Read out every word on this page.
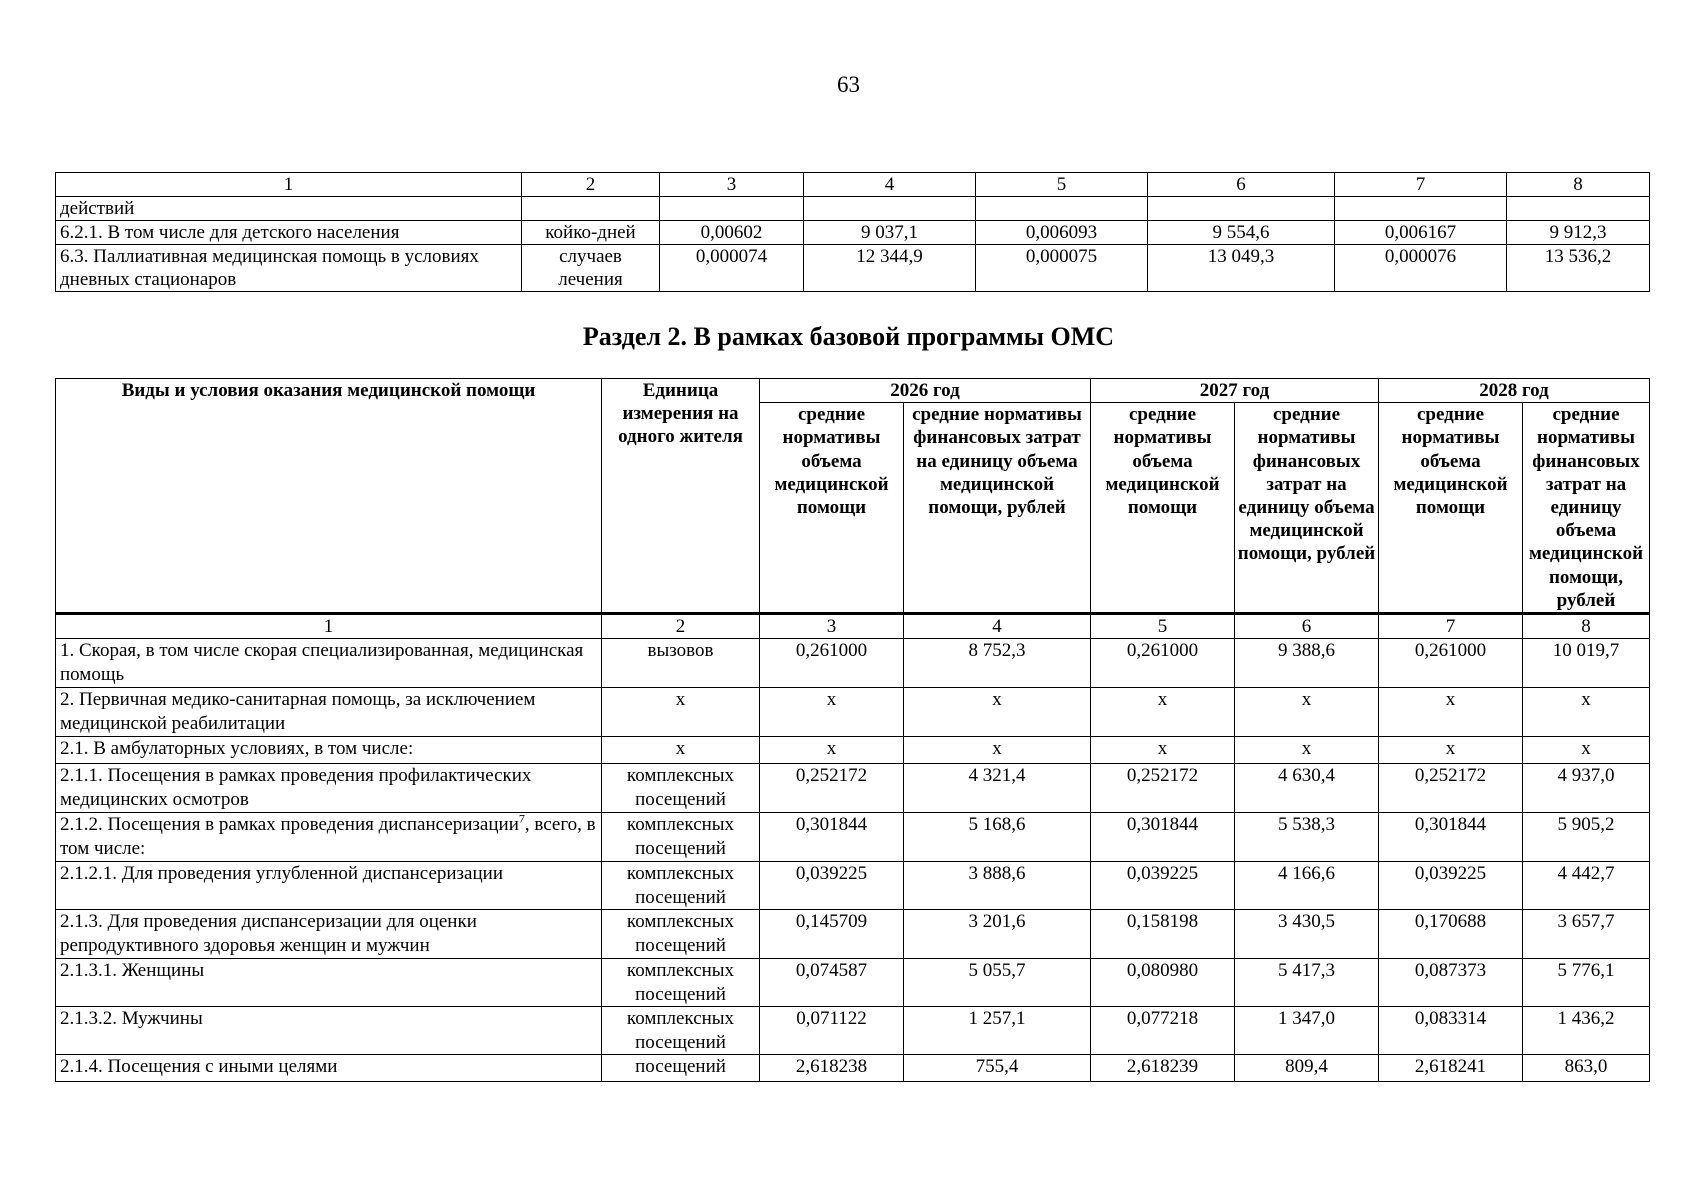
63
1	2	3	4	5	6	7	8
действий							
6.2.1. В том числе для детского населения	койко-дней	0,00602	9 037,1	0,006093	9 554,6	0,006167	9 912,3
6.3. Паллиативная медицинская помощь в условиях дневных стационаров	случаев лечения	0,000074	12 344,9	0,000075	13 049,3	0,000076	13 536,2
Раздел 2. В рамках базовой программы ОМС
Виды и условия оказания медицинской помощи	Единица измерения на одного жителя	2026 год		2027 год		2028 год	
		средние нормативы объема медицинской помощи	средние нормативы финансовых затрат на единицу объема медицинской помощи, рублей	средние нормативы объема медицинской помощи	средние нормативы финансовых затрат на единицу объема медицинской помощи, рублей	средние нормативы объема медицинской помощи	средние нормативы финансовых затрат на единицу объема медицинской помощи, рублей
1	2	3	4	5	6	7	8
1. Скорая, в том числе скорая специализированная, медицинская помощь	вызовов	0,261000	8 752,3	0,261000	9 388,6	0,261000	10 019,7
2. Первичная медико-санитарная помощь, за исключением медицинской реабилитации	х	х	х	х	х	х	х
2.1. В амбулаторных условиях, в том числе:	х	х	х	х	х	х	х
2.1.1. Посещения в рамках проведения профилактических медицинских осмотров	комплексных посещений	0,252172	4 321,4	0,252172	4 630,4	0,252172	4 937,0
2.1.2. Посещения в рамках проведения диспансеризации$^7$, всего, в том числе:	комплексных посещений	0,301844	5 168,6	0,301844	5 538,3	0,301844	5 905,2
2.1.2.1. Для проведения углубленной диспансеризации	комплексных посещений	0,039225	3 888,6	0,039225	4 166,6	0,039225	4 442,7
2.1.3. Для проведения диспансеризации для оценки репродуктивного здоровья женщин и мужчин	комплексных посещений	0,145709	3 201,6	0,158198	3 430,5	0,170688	3 657,7
2.1.3.1. Женщины	комплексных посещений	0,074587	5 055,7	0,080980	5 417,3	0,087373	5 776,1
2.1.3.2. Мужчины	комплексных посещений	0,071122	1 257,1	0,077218	1 347,0	0,083314	1 436,2
2.1.4. Посещения с иными целями	посещений	2,618238	755,4	2,618239	809,4	2,618241	863,0
